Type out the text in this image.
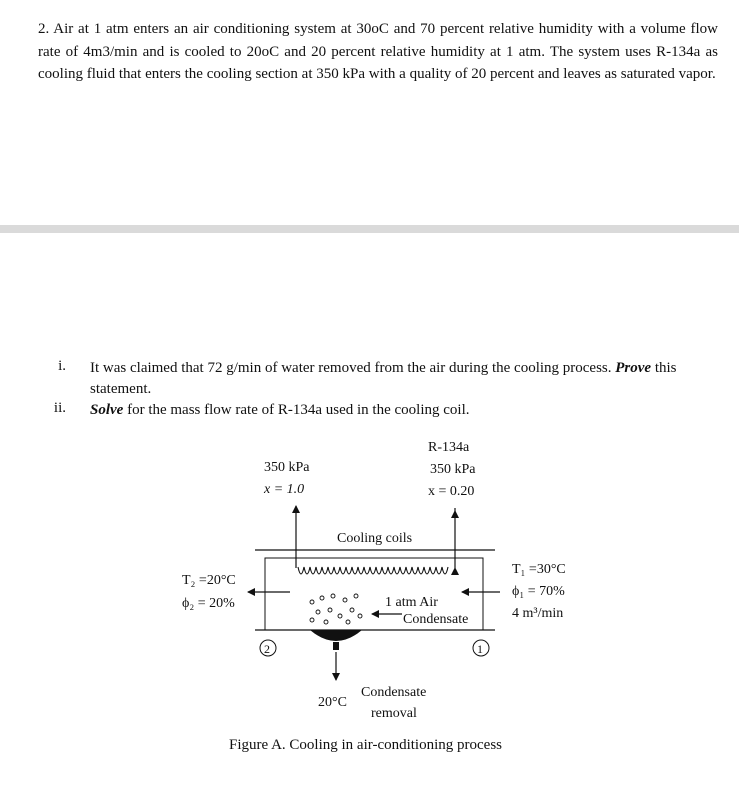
2. Air at 1 atm enters an air conditioning system at 30oC and 70 percent relative humidity with a volume flow rate of 4m3/min and is cooled to 20oC and 20 percent relative humidity at 1 atm. The system uses R-134a as cooling fluid that enters the cooling section at 350 kPa with a quality of 20 percent and leaves as saturated vapor.
i. It was claimed that 72 g/min of water removed from the air during the cooling process. Prove this statement.
ii. Solve for the mass flow rate of R-134a used in the cooling coil.
R-134a
350 kPa
x = 1.0
350 kPa
x = 0.20
Cooling coils
T₂ =20°C
ϕ₂ = 20%
T₁ =30°C
ϕ₁ = 70%
4 m³/min
1 atm Air
Condensate
2	1
20°C
Condensate
removal
Figure A. Cooling in air-conditioning process
